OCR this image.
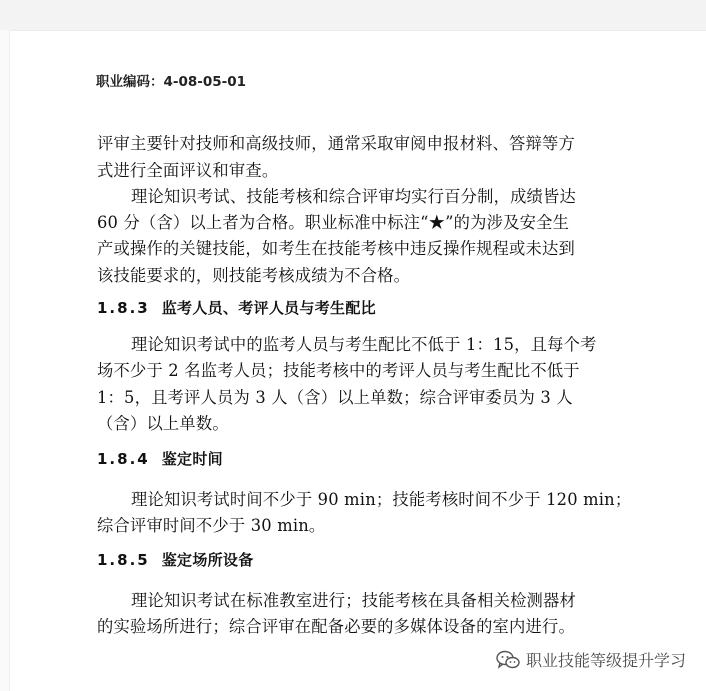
职业编码：4-08-05-01
评审主要针对技师和高级技师，通常采取审阅申报材料、答辩等方
式进行全面评议和审查。
理论知识考试、技能考核和综合评审均实行百分制，成绩皆达
60 分（含）以上者为合格。职业标准中标注“★”的为涉及安全生
产或操作的关键技能，如考生在技能考核中违反操作规程或未达到
该技能要求的，则技能考核成绩为不合格。
1.8.3 监考人员、考评人员与考生配比
理论知识考试中的监考人员与考生配比不低于 1：15，且每个考
场不少于 2 名监考人员；技能考核中的考评人员与考生配比不低于
1：5，且考评人员为 3 人（含）以上单数；综合评审委员为 3 人
（含）以上单数。
1.8.4 鉴定时间
理论知识考试时间不少于 90 min；技能考核时间不少于 120 min；
综合评审时间不少于 30 min。
1.8.5 鉴定场所设备
理论知识考试在标准教室进行；技能考核在具备相关检测器材
的实验场所进行；综合评审在配备必要的多媒体设备的室内进行。
职业技能等级提升学习
